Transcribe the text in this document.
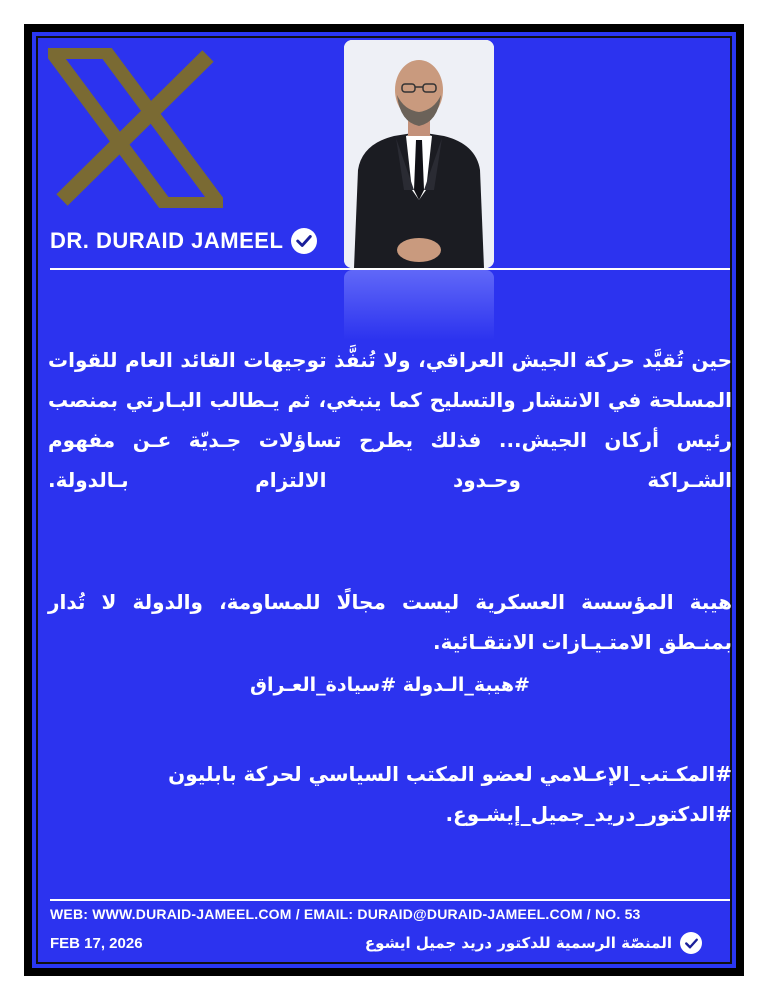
DR. DURAID JAMEEL
حين تُقيَّد حركة الجيش العراقي، ولا تُنفَّذ توجيهات القائد العام للقوات المسلحة في الانتشار والتسليح كما ينبغي، ثم يـطالب البـارتي بمنصب رئيس أركان الجيش... فذلك يطرح تساؤلات جـديّة عـن مفهوم الشـراكة وحـدود الالتزام بـالدولة.
هيبة المؤسسة العسكرية ليست مجالًا للمساومة، والدولة لا تُدار بمنـطق الامتـيـازات الانتقـائية.
#هيبة_الـدولة #سيادة_العـراق
#المكـتب_الإعـلامي لعضو المكتب السياسي لحركة بابليون
#الدكتور_دريد_جميل_إيشـوع.
WEB: WWW.DURAID-JAMEEL.COM / EMAIL: DURAID@DURAID-JAMEEL.COM / NO. 53
FEB 17, 2026	المنصّة الرسمية للدكتور دريد جميل ايشوع
